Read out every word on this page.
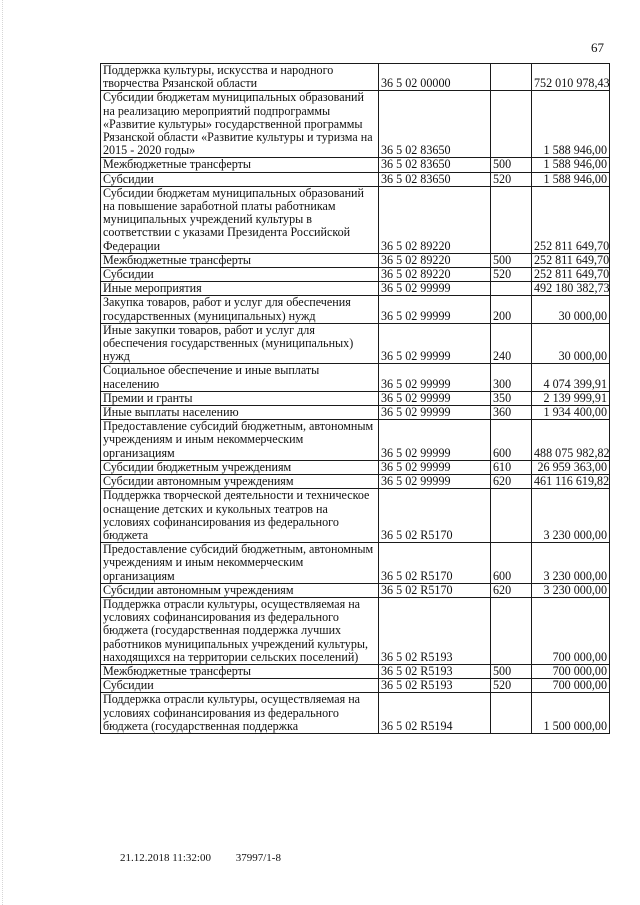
67
Поддержка культуры, искусства и народного творчества Рязанской области	36 5 02 00000		752 010 978,43
Субсидии бюджетам муниципальных образований на реализацию мероприятий подпрограммы «Развитие культуры» государственной программы Рязанской области «Развитие культуры и туризма на 2015 - 2020 годы»	36 5 02 83650		1 588 946,00
Межбюджетные трансферты	36 5 02 83650	500	1 588 946,00
Субсидии	36 5 02 83650	520	1 588 946,00
Субсидии бюджетам муниципальных образований на повышение заработной платы работникам муниципальных учреждений культуры в соответствии с указами Президента Российской Федерации	36 5 02 89220		252 811 649,70
Межбюджетные трансферты	36 5 02 89220	500	252 811 649,70
Субсидии	36 5 02 89220	520	252 811 649,70
Иные мероприятия	36 5 02 99999		492 180 382,73
Закупка товаров, работ и услуг для обеспечения государственных (муниципальных) нужд	36 5 02 99999	200	30 000,00
Иные закупки товаров, работ и услуг для обеспечения государственных (муниципальных) нужд	36 5 02 99999	240	30 000,00
Социальное обеспечение и иные выплаты населению	36 5 02 99999	300	4 074 399,91
Премии и гранты	36 5 02 99999	350	2 139 999,91
Иные выплаты населению	36 5 02 99999	360	1 934 400,00
Предоставление субсидий бюджетным, автономным учреждениям и иным некоммерческим организациям	36 5 02 99999	600	488 075 982,82
Субсидии бюджетным учреждениям	36 5 02 99999	610	26 959 363,00
Субсидии автономным учреждениям	36 5 02 99999	620	461 116 619,82
Поддержка творческой деятельности и техническое оснащение детских и кукольных театров на условиях софинансирования из федерального бюджета	36 5 02 R5170		3 230 000,00
Предоставление субсидий бюджетным, автономным учреждениям и иным некоммерческим организациям	36 5 02 R5170	600	3 230 000,00
Субсидии автономным учреждениям	36 5 02 R5170	620	3 230 000,00
Поддержка отрасли культуры, осуществляемая на условиях софинансирования из федерального бюджета (государственная поддержка лучших работников муниципальных учреждений культуры, находящихся на территории сельских поселений)	36 5 02 R5193		700 000,00
Межбюджетные трансферты	36 5 02 R5193	500	700 000,00
Субсидии	36 5 02 R5193	520	700 000,00
Поддержка отрасли культуры, осуществляемая на условиях софинансирования из федерального бюджета (государственная поддержка	36 5 02 R5194		1 500 000,00
21.12.2018 11:32:00 37997/1-8
